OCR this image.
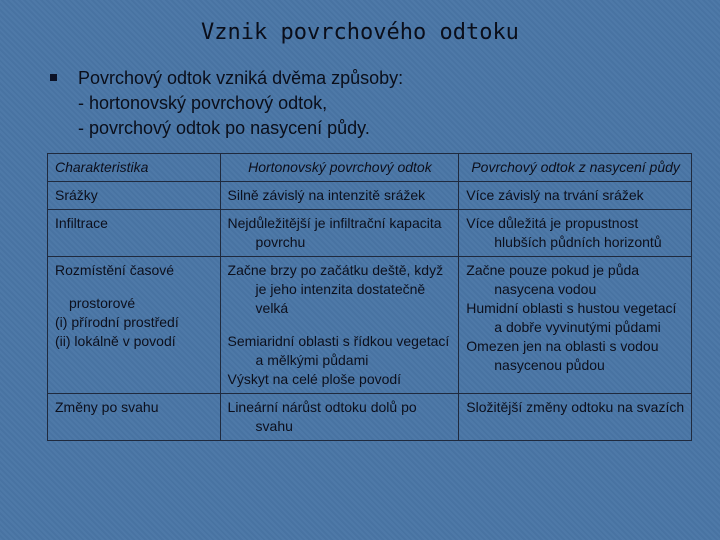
Vznik povrchového odtoku
Povrchový odtok vzniká dvěma způsoby:
- hortonovský povrchový odtok,
- povrchový odtok po nasycení půdy.
Charakteristika	Hortonovský povrchový odtok	Povrchový odtok z nasycení půdy
Srážky	Silně závislý na intenzitě srážek	Více závislý na trvání srážek

Infiltrace	Nejdůležitější je infiltrační kapacita povrchu	Více důležitá je propustnost hlubších půdních horizontů

Rozmístění časové
prostorové
(i) přírodní prostředí
(ii) lokálně v povodí	Začne brzy po začátku deště, když je jeho intenzita dostatečně velká
Semiaridní oblasti s řídkou vegetací a mělkými půdami
Výskyt na celé ploše povodí	Začne pouze pokud je půda nasycena vodou
Humidní oblasti s hustou vegetací a dobře vyvinutými půdami
Omezen jen na oblasti s vodou nasycenou půdou

Změny po svahu	Lineární nárůst odtoku dolů po svahu	Složitější změny odtoku na svazích
